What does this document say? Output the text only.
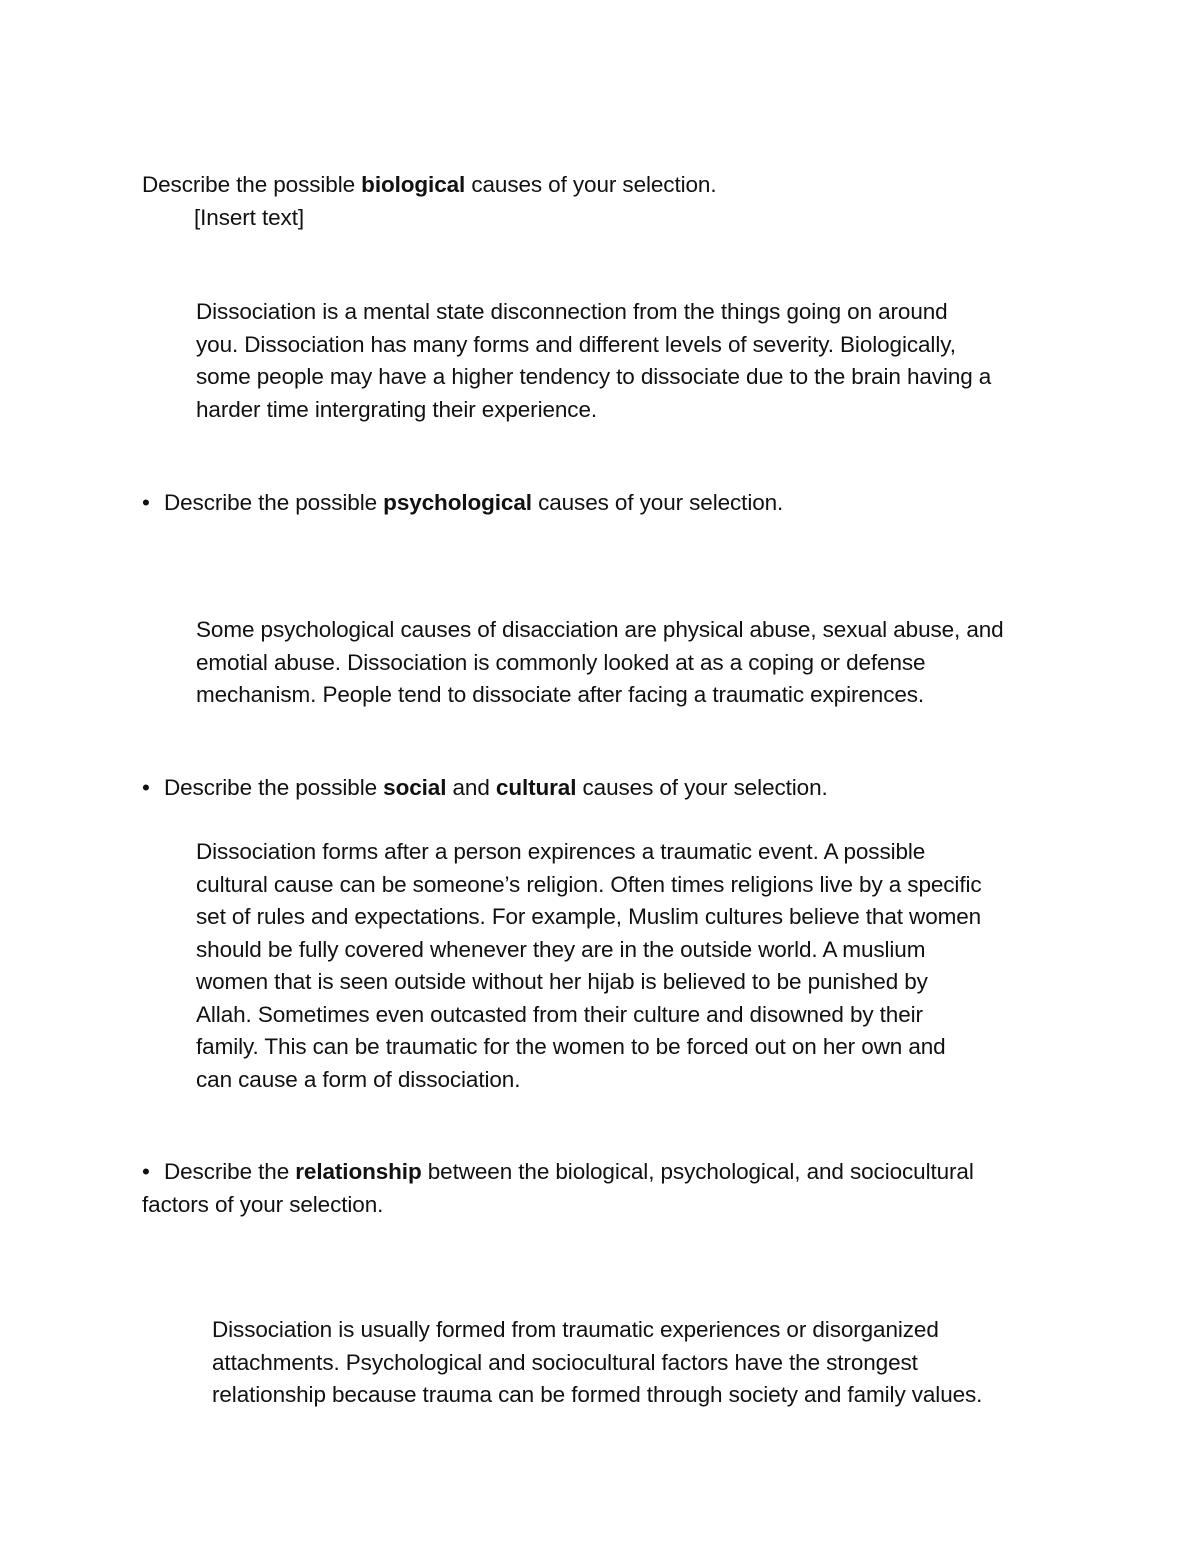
Describe the possible biological causes of your selection.
[Insert text]
Dissociation is a mental state disconnection from the things going on around
you. Dissociation has many forms and different levels of severity. Biologically,
some people may have a higher tendency to dissociate due to the brain having a
harder time intergrating their experience.
• Describe the possible psychological causes of your selection.
Some psychological causes of disacciation are physical abuse, sexual abuse, and
emotial abuse. Dissociation is commonly looked at as a coping or defense
mechanism. People tend to dissociate after facing a traumatic expirences.
• Describe the possible social and cultural causes of your selection.
Dissociation forms after a person expirences a traumatic event. A possible
cultural cause can be someone’s religion. Often times religions live by a specific
set of rules and expectations. For example, Muslim cultures believe that women
should be fully covered whenever they are in the outside world. A muslium
women that is seen outside without her hijab is believed to be punished by
Allah. Sometimes even outcasted from their culture and disowned by their
family. This can be traumatic for the women to be forced out on her own and
can cause a form of dissociation.
• Describe the relationship between the biological, psychological, and sociocultural
factors of your selection.
Dissociation is usually formed from traumatic experiences or disorganized
attachments. Psychological and sociocultural factors have the strongest
relationship because trauma can be formed through society and family values.
